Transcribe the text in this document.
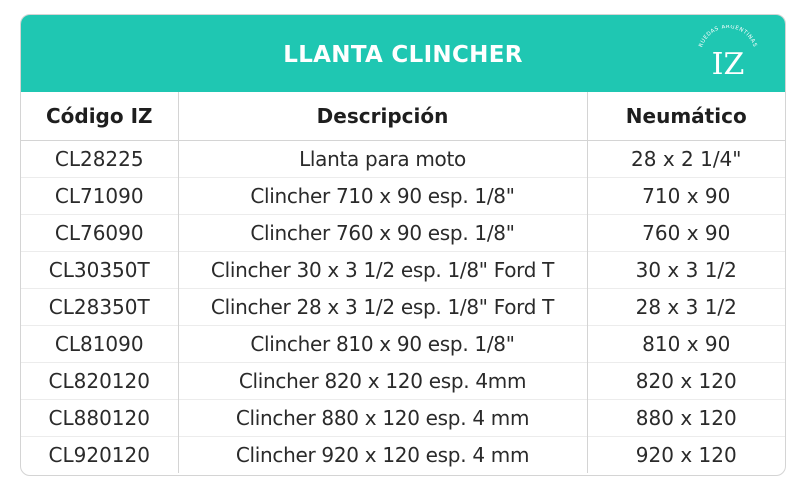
LLANTA CLINCHER	RUEDAS ARGENTINAS
IZ
Código IZ	Descripción	Neumático
CL28225	Llanta para moto	28 x 2 1/4"
CL71090	Clincher 710 x 90 esp. 1/8"	710 x 90
CL76090	Clincher 760 x 90 esp. 1/8"	760 x 90
CL30350T	Clincher 30 x 3 1/2 esp. 1/8" Ford T	30 x 3 1/2
CL28350T	Clincher 28 x 3 1/2 esp. 1/8" Ford T	28 x 3 1/2
CL81090	Clincher 810 x 90 esp. 1/8"	810 x 90
CL820120	Clincher 820 x 120 esp. 4mm	820 x 120
CL880120	Clincher 880 x 120 esp. 4 mm	880 x 120
CL920120	Clincher 920 x 120 esp. 4 mm	920 x 120
